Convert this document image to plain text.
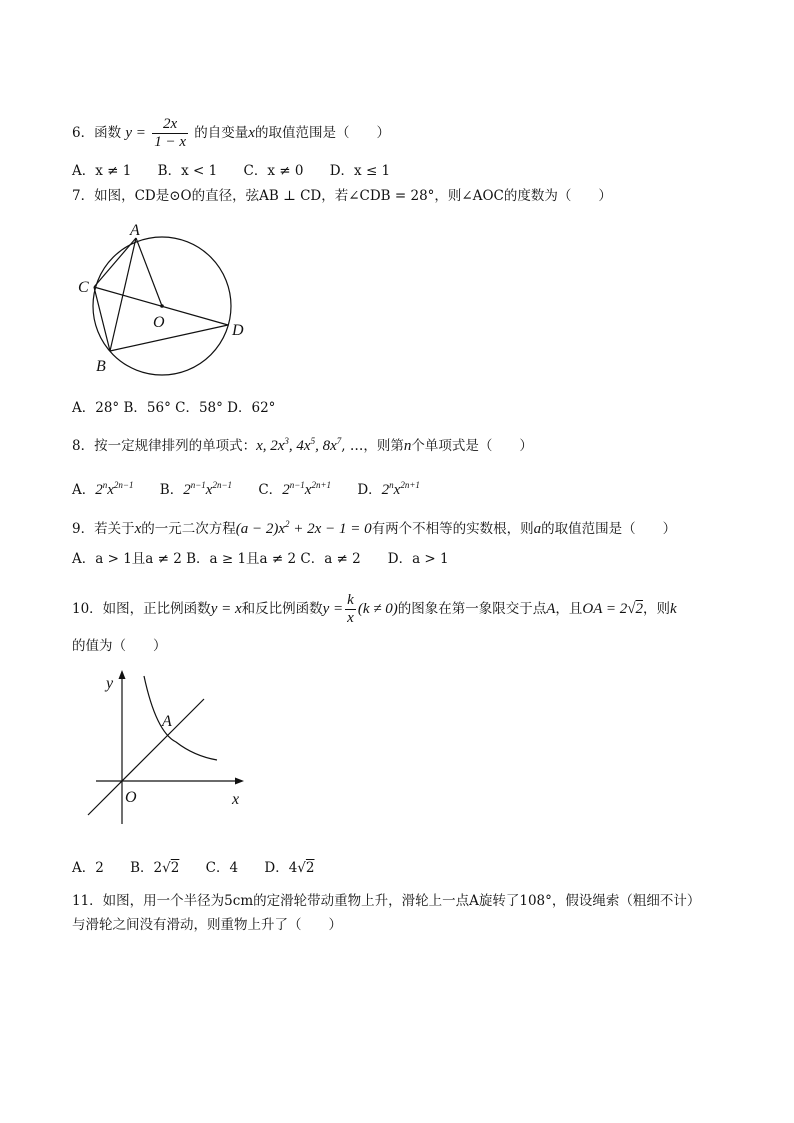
6．函数 $y = \frac{2x}{1 - x}$ 的自变量x的取值范围是（　　）
A．x ≠ 1 B．x < 1 C．x ≠ 0 D．x ≤ 1
7．如图，CD是⊙O的直径，弦AB ⊥ CD，若∠CDB = 28°，则∠AOC的度数为（　　）
A
C
O	D
B
A．28° B．56° C．58° D．62°
8．按一定规律排列的单项式：x, $2x^3$, $4x^5$, $8x^7$, …，则第n个单项式是（　　）
A．$2^nx^{2n-1}$ B．$2^{n-1}x^{2n-1}$ C．$2^{n-1}x^{2n+1}$ D．$2^nx^{2n+1}$
9．若关于x的一元二次方程$(a - 2)x^2 + 2x - 1 = 0$有两个不相等的实数根，则a的取值范围是（　　）
A．a > 1且a ≠ 2 B．a ≥ 1且a ≠ 2 C．a ≠ 2　　D．a > 1
10．如图，正比例函数y = x和反比例函数$y = \frac{k}{x} (k \ne 0)$的图象在第一象限交于点A，且OA = 2√2，则k
的值为（　　）
y
x
O
A
A．2 B．2√2 C．4 D．4√2
11．如图，用一个半径为5cm的定滑轮带动重物上升，滑轮上一点A旋转了108°，假设绳索（粗细不计）
与滑轮之间没有滑动，则重物上升了（　　）
